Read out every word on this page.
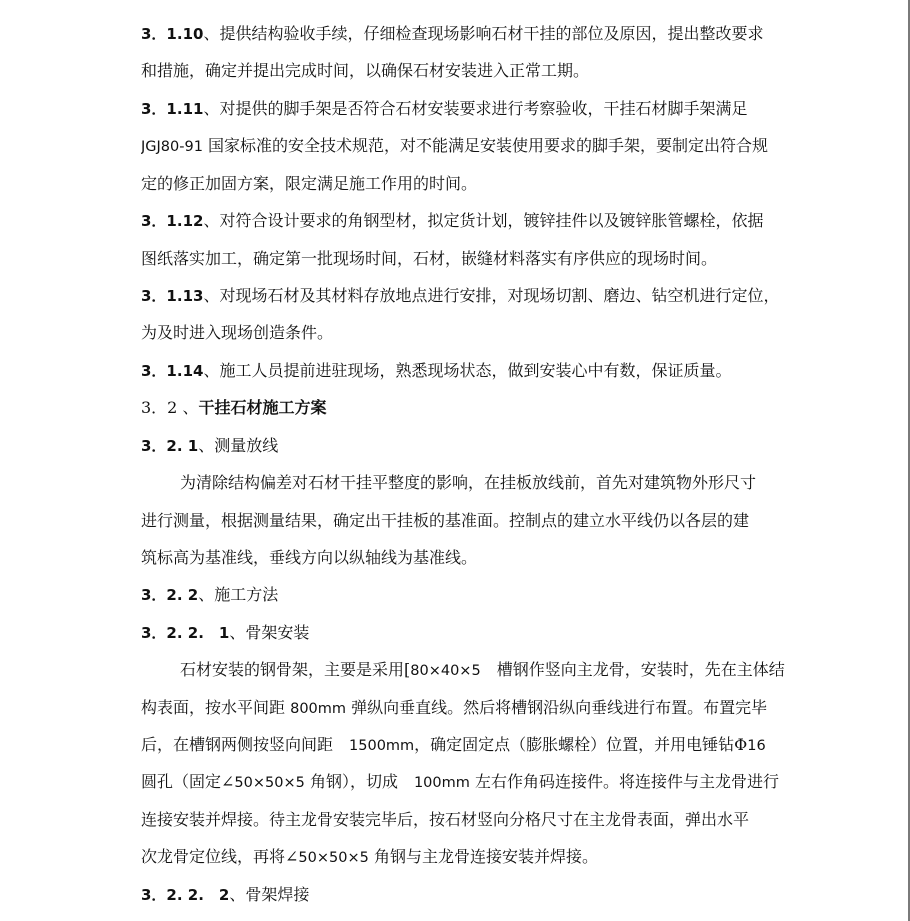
3．1.10、提供结构验收手续，仔细检查现场影响石材干挂的部位及原因，提出整改要求
和措施，确定并提出完成时间，以确保石材安装进入正常工期。
3．1.11、对提供的脚手架是否符合石材安装要求进行考察验收，干挂石材脚手架满足
JGJ80-91 国家标准的安全技术规范，对不能满足安装使用要求的脚手架，要制定出符合规
定的修正加固方案，限定满足施工作用的时间。
3．1.12、对符合设计要求的角钢型材，拟定货计划，镀锌挂件以及镀锌胀管螺栓，依据
图纸落实加工，确定第一批现场时间，石材，嵌缝材料落实有序供应的现场时间。
3．1.13、对现场石材及其材料存放地点进行安排，对现场切割、磨边、钻空机进行定位，
为及时进入现场创造条件。
3．1.14、施工人员提前进驻现场，熟悉现场状态，做到安装心中有数，保证质量。
3．2 、干挂石材施工方案
3．2. 1、测量放线
为清除结构偏差对石材干挂平整度的影响，在挂板放线前，首先对建筑物外形尺寸
进行测量，根据测量结果，确定出干挂板的基准面。控制点的建立水平线仍以各层的建
筑标高为基准线，垂线方向以纵轴线为基准线。
3．2. 2、施工方法
3．2. 2.　1、骨架安装
石材安装的钢骨架，主要是采用[80×40×5　槽钢作竖向主龙骨，安装时，先在主体结
构表面，按水平间距 800mm 弹纵向垂直线。然后将槽钢沿纵向垂线进行布置。布置完毕
后，在槽钢两侧按竖向间距　1500mm，确定固定点（膨胀螺栓）位置，并用电锤钻Φ16
圆孔（固定∠50×50×5 角钢），切成　100mm 左右作角码连接件。将连接件与主龙骨进行
连接安装并焊接。待主龙骨安装完毕后，按石材竖向分格尺寸在主龙骨表面，弹出水平
次龙骨定位线，再将∠50×50×5 角钢与主龙骨连接安装并焊接。
3．2. 2.　2、骨架焊接
